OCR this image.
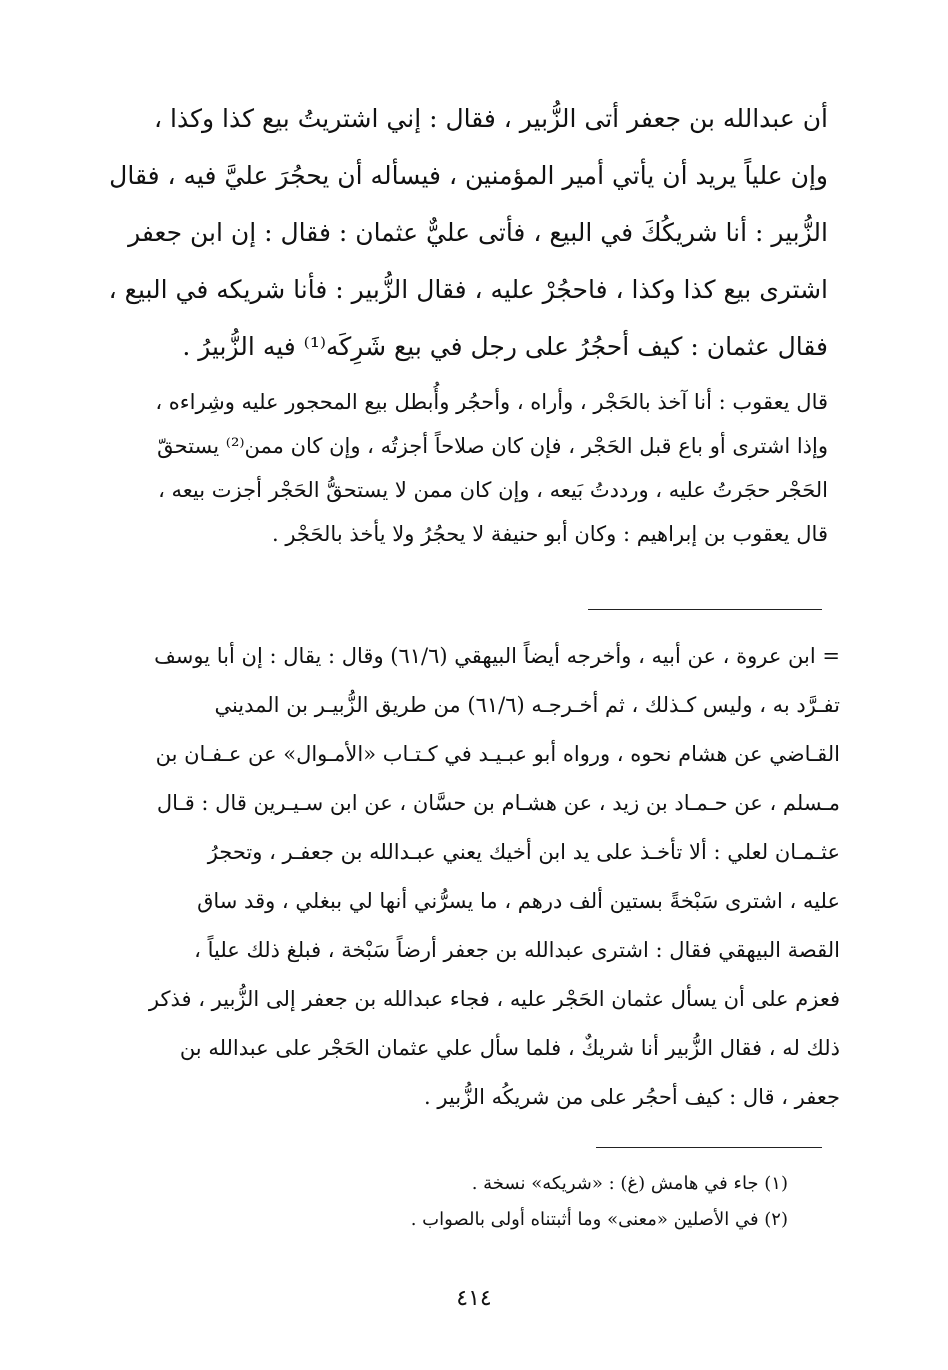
أن عبدالله بن جعفر أتى الزُّبير ، فقال : إني اشتريتُ بيع كذا وكذا ،
وإن علياً يريد أن يأتي أمير المؤمنين ، فيسأله أن يحجُرَ عليَّ فيه ، فقال
الزُّبير : أنا شريكُكَ في البيع ، فأتى عليٌّ عثمان : فقال : إن ابن جعفر
اشترى بيع كذا وكذا ، فاحجُرْ عليه ، فقال الزُّبير : فأنا شريكه في البيع ،
فقال عثمان : كيف أحجُرُ على رجل في بيع شَرِكَه⁽¹⁾ فيه الزُّبيرُ .
قال يعقوب : أنا آخذ بالحَجْر ، وأراه ، وأحجُر وأُبطل بيع المحجور عليه وشِراءه ،
وإذا اشترى أو باع قبل الحَجْر ، فإن كان صلاحاً أجزتُه ، وإن كان ممن⁽²⁾ يستحقّ
الحَجْر حجَرتُ عليه ، ورددتُ بَيعه ، وإن كان ممن لا يستحقُّ الحَجْر أجزت بيعه ،
قال يعقوب بن إبراهيم : وكان أبو حنيفة لا يحجُرُ ولا يأخذ بالحَجْر .
= ابن عروة ، عن أبيه ، وأخرجه أيضاً البيهقي (٦١/٦) وقال : يقال : إن أبا يوسف
تفـرَّد به ، وليس كـذلك ، ثم أخـرجـه (٦١/٦) من طريق الزُّبيـر بن المديني
القـاضي عن هشام نحوه ، ورواه أبو عبـيـد في كـتـاب «الأمـوال» عن عـفـان بن
مـسلم ، عن حـمـاد بن زيد ، عن هشـام بن حسَّان ، عن ابن سـيـرين قال : قـال
عثـمـان لعلي : ألا تأخـذ على يد ابن أخيك يعني عبـدالله بن جعفـر ، وتحجرُ
عليه ، اشترى سَبْخةً بستين ألف درهم ، ما يسرُّني أنها لي ببغلي ، وقد ساق
القصة البيهقي فقال : اشترى عبدالله بن جعفر أرضاً سَبْخة ، فبلغ ذلك علياً ،
فعزم على أن يسأل عثمان الحَجْر عليه ، فجاء عبدالله بن جعفر إلى الزُّبير ، فذكر
ذلك له ، فقال الزُّبير أنا شريكٌ ، فلما سأل علي عثمان الحَجْر على عبدالله بن
جعفر ، قال : كيف أحجُر على من شريكُه الزُّبير .
(١) جاء في هامش (غ) : «شريكه» نسخة .
(٢) في الأصلين «معنى» وما أثبتناه أولى بالصواب .
٤١٤
